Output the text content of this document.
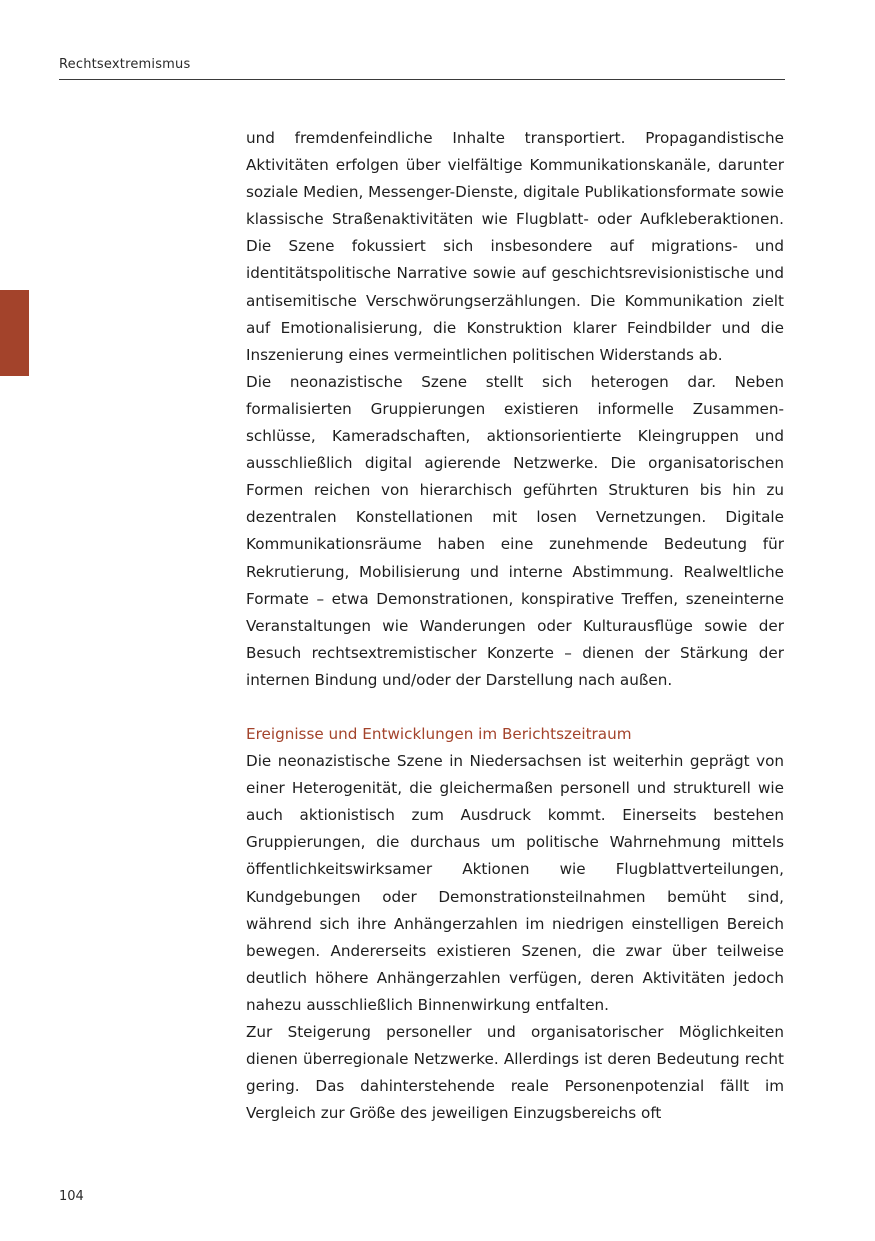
Rechtsextremismus

und fremdenfeindliche Inhalte transportiert. Propagandistische Aktivitäten erfolgen über vielfältige Kommunikationskanäle, darunter soziale Medien, Messenger-Dienste, digitale Publikationsformate sowie klassische Straßenaktivitäten wie Flugblatt- oder Aufkleberaktionen. Die Szene fokussiert sich insbesondere auf migrations- und identitätspolitische Narrative sowie auf geschichtsrevisionistische und antisemitische Verschwörungserzählungen. Die Kommunikation zielt auf Emotionalisierung, die Konstruktion klarer Feindbilder und die Inszenierung eines vermeintlichen politischen Widerstands ab.

Die neonazistische Szene stellt sich heterogen dar. Neben formalisierten Gruppierungen existieren informelle Zusammenschlüsse, Kameradschaften, aktionsorientierte Kleingruppen und ausschließlich digital agierende Netzwerke. Die organisatorischen Formen reichen von hierarchisch geführten Strukturen bis hin zu dezentralen Konstellationen mit losen Vernetzungen. Digitale Kommunikationsräume haben eine zunehmende Bedeutung für Rekrutierung, Mobilisierung und interne Abstimmung. Realweltliche Formate – etwa Demonstrationen, konspirative Treffen, szeneinterne Veranstaltungen wie Wanderungen oder Kulturausflüge sowie der Besuch rechtsextremistischer Konzerte – dienen der Stärkung der internen Bindung und/oder der Darstellung nach außen.

Ereignisse und Entwicklungen im Berichtszeitraum

Die neonazistische Szene in Niedersachsen ist weiterhin geprägt von einer Heterogenität, die gleichermaßen personell und strukturell wie auch aktionistisch zum Ausdruck kommt. Einerseits bestehen Gruppierungen, die durchaus um politische Wahrnehmung mittels öffentlichkeitswirksamer Aktionen wie Flugblattverteilungen, Kundgebungen oder Demonstrationsteilnahmen bemüht sind, während sich ihre Anhängerzahlen im niedrigen einstelligen Bereich bewegen. Andererseits existieren Szenen, die zwar über teilweise deutlich höhere Anhängerzahlen verfügen, deren Aktivitäten jedoch nahezu ausschließlich Binnenwirkung entfalten.

Zur Steigerung personeller und organisatorischer Möglichkeiten dienen überregionale Netzwerke. Allerdings ist deren Bedeutung recht gering. Das dahinterstehende reale Personenpotenzial fällt im Vergleich zur Größe des jeweiligen Einzugsbereichs oft

104
